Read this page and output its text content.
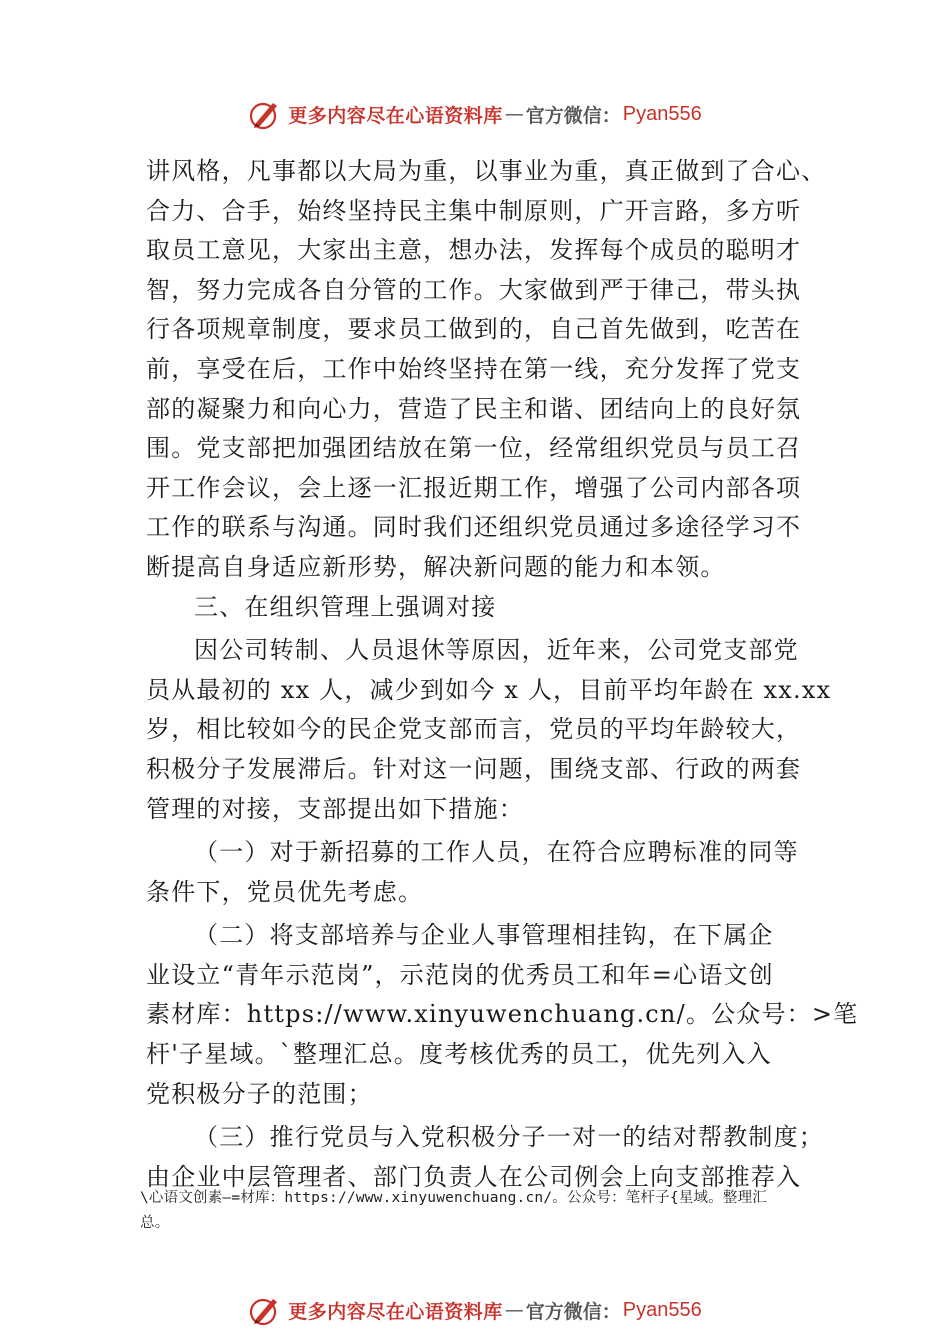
更多内容尽在心语资料库 — 官方微信： Pyan556
讲风格，凡事都以大局为重，以事业为重，真正做到了合心、
合力、合手，始终坚持民主集中制原则，广开言路，多方听
取员工意见，大家出主意，想办法，发挥每个成员的聪明才
智，努力完成各自分管的工作。大家做到严于律己，带头执
行各项规章制度，要求员工做到的，自己首先做到，吃苦在
前，享受在后，工作中始终坚持在第一线，充分发挥了党支
部的凝聚力和向心力，营造了民主和谐、团结向上的良好氛
围。党支部把加强团结放在第一位，经常组织党员与员工召
开工作会议，会上逐一汇报近期工作，增强了公司内部各项
工作的联系与沟通。同时我们还组织党员通过多途径学习不
断提高自身适应新形势，解决新问题的能力和本领。
三、在组织管理上强调对接
因公司转制、人员退休等原因，近年来，公司党支部党
员从最初的 xx 人，减少到如今 x 人，目前平均年龄在 xx.xx
岁，相比较如今的民企党支部而言，党员的平均年龄较大，
积极分子发展滞后。针对这一问题，围绕支部、行政的两套
管理的对接，支部提出如下措施：
（一）对于新招募的工作人员，在符合应聘标准的同等
条件下，党员优先考虑。
（二）将支部培养与企业人事管理相挂钩，在下属企
业设立“青年示范岗”，示范岗的优秀员工和年=心语文创
素材库：https://www.xinyuwenchuang.cn/。公众号：>笔
杆'子星域。`整理汇总。度考核优秀的员工，优先列入入
党积极分子的范围；
（三）推行党员与入党积极分子一对一的结对帮教制度；
由企业中层管理者、部门负责人在公司例会上向支部推荐入
\心语文创素—=材库：https://www.xinyuwenchuang.cn/。公众号：笔杆子{星域。整理汇
总。
更多内容尽在心语资料库 — 官方微信： Pyan556
